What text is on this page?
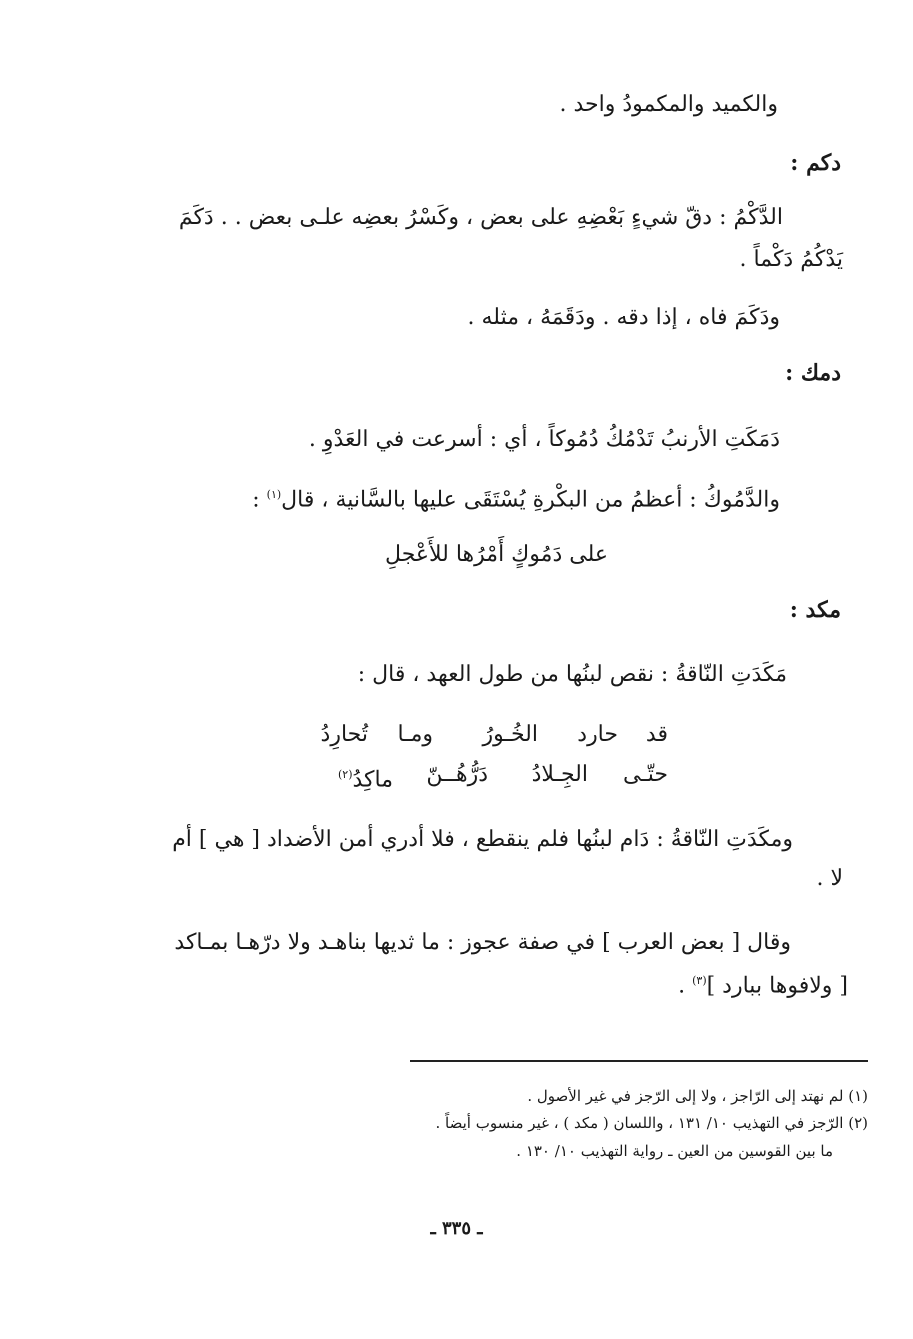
والكميد والمكمودُ واحد .
دكم :
الدَّكْمُ : دقّ شيءٍ بَعْضِهِ على بعض ، وكَسْرُ بعضِه علـى بعض . . دَكَمَ
يَدْكُمُ دَكْماً .
ودَكَمَ فاه ، إذا دقه . ودَقَمَهُ ، مثله .
دمك :
دَمَكَتِ الأرنبُ تَدْمُكُ دُمُوكاً ، أي : أسرعت في العَدْوِ .
والدَّمُوكُ : أعظمُ من البكْرةِ يُسْتَقَى عليها بالسَّانية ، قال$^{(١)}$ :
على دَمُوكٍ أَمْرُها للأَعْجلِ
مكد :
مَكَدَتِ النّاقةُ : نقص لبنُها من طول العهد ، قال :
قد
حارد
الخُـورُ
ومـا
تُحارِدُ
حتّـى
الجِـلادُ
دَرُّهُــنّ
ماكِدُ$^{(٢)}$
ومكَدَتِ النّاقةُ : دَام لبنُها فلم ينقطع ، فلا أدري أمن الأضداد [ هي ] أم
لا .
وقال [ بعض العرب ] في صفة عجوز : ما ثديها بناهـد ولا درّهـا بمـاكد
[ ولافوها ببارد ]$^{(٣)}$ .
(١) لم نهتد إلى الرّاجز ، ولا إلى الرّجز في غير الأصول .
(٢) الرّجز في التهذيب ١٠/ ١٣١ ، واللسان ( مكد ) ، غير منسوب أيضاً .
ما بين القوسين من العين ـ رواية التهذيب ١٠/ ١٣٠ .
ـ ٣٣٥ ـ
